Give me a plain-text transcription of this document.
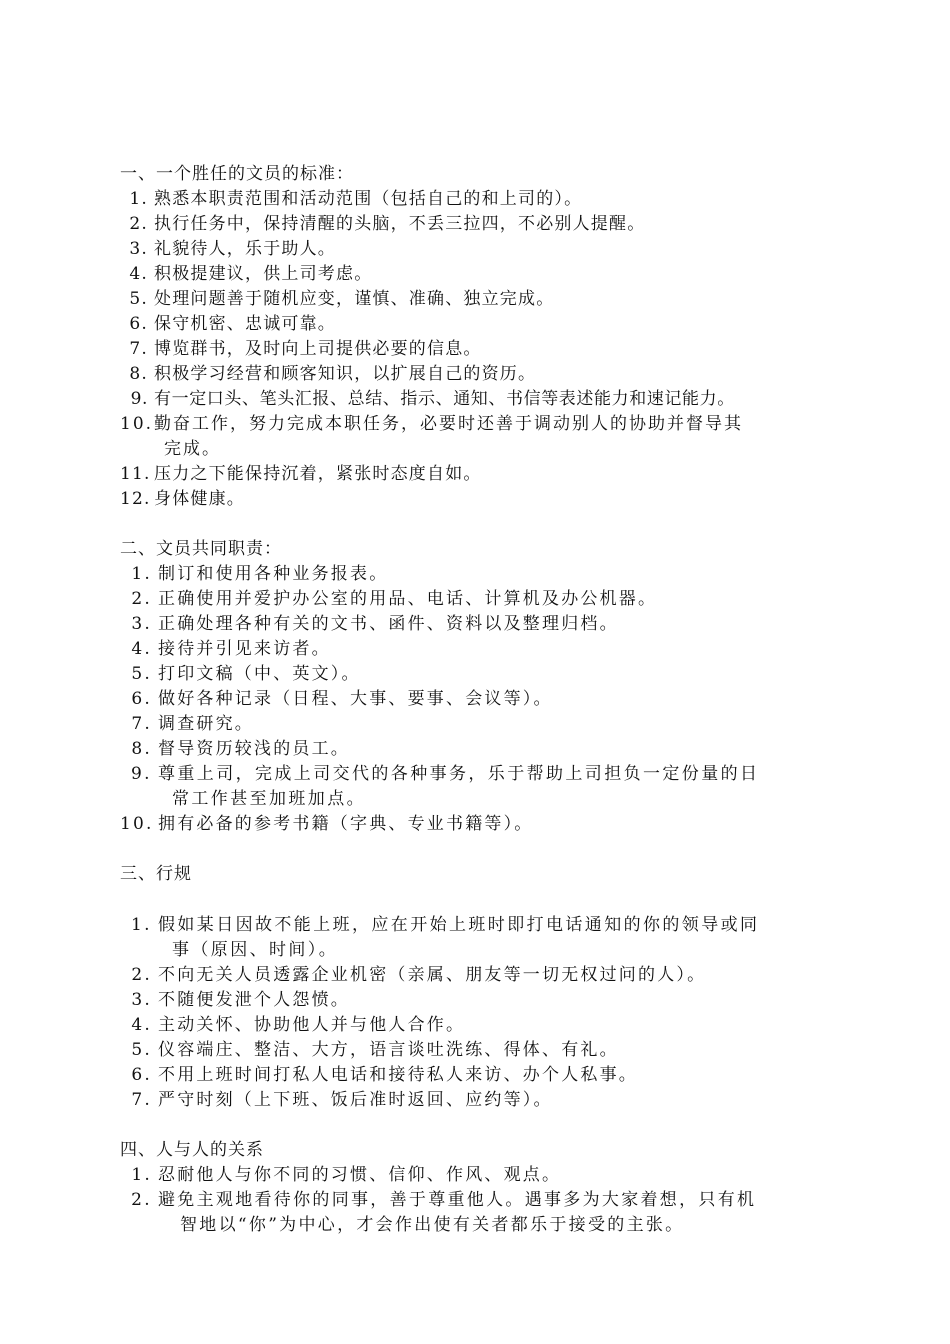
一、一个胜任的文员的标准：
1. 熟悉本职责范围和活动范围（包括自己的和上司的）。
2. 执行任务中，保持清醒的头脑，不丢三拉四，不必别人提醒。
3. 礼貌待人，乐于助人。
4. 积极提建议，供上司考虑。
5. 处理问题善于随机应变，谨慎、准确、独立完成。
6. 保守机密、忠诚可靠。
7. 博览群书，及时向上司提供必要的信息。
8. 积极学习经营和顾客知识，以扩展自己的资历。
9. 有一定口头、笔头汇报、总结、指示、通知、书信等表述能力和速记能力。
10. 勤奋工作，努力完成本职任务，必要时还善于调动别人的协助并督导其
完成。
11. 压力之下能保持沉着，紧张时态度自如。
12. 身体健康。
二、文员共同职责：
1. 制订和使用各种业务报表。
2. 正确使用并爱护办公室的用品、电话、计算机及办公机器。
3. 正确处理各种有关的文书、函件、资料以及整理归档。
4. 接待并引见来访者。
5. 打印文稿（中、英文）。
6. 做好各种记录（日程、大事、要事、会议等）。
7. 调查研究。
8. 督导资历较浅的员工。
9. 尊重上司，完成上司交代的各种事务，乐于帮助上司担负一定份量的日
常工作甚至加班加点。
10. 拥有必备的参考书籍（字典、专业书籍等）。
三、行规
1. 假如某日因故不能上班，应在开始上班时即打电话通知的你的领导或同
事（原因、时间）。
2. 不向无关人员透露企业机密（亲属、朋友等一切无权过问的人）。
3. 不随便发泄个人怨愤。
4. 主动关怀、协助他人并与他人合作。
5. 仪容端庄、整洁、大方，语言谈吐洗练、得体、有礼。
6. 不用上班时间打私人电话和接待私人来访、办个人私事。
7. 严守时刻（上下班、饭后准时返回、应约等）。
四、人与人的关系
1. 忍耐他人与你不同的习惯、信仰、作风、观点。
2. 避免主观地看待你的同事，善于尊重他人。遇事多为大家着想，只有机
智地以“你”为中心，才会作出使有关者都乐于接受的主张。
